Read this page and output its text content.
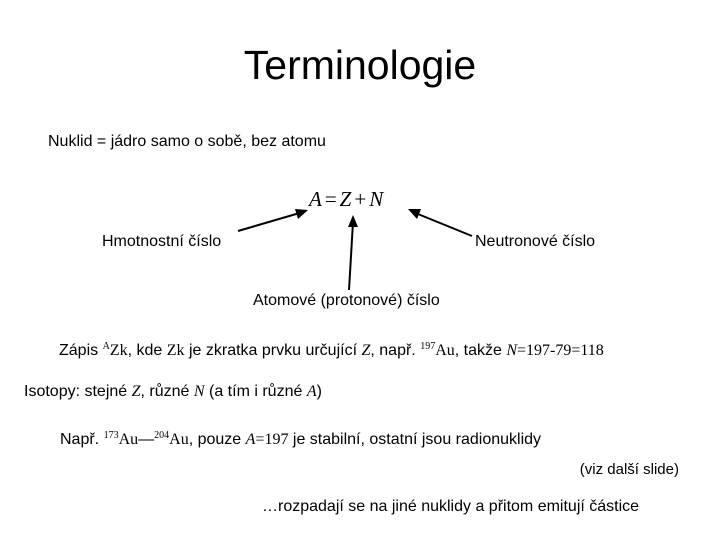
Terminologie
Nuklid = jádro samo o sobě, bez atomu
A = Z + N
Hmotnostní číslo	Neutronové číslo
Atomové (protonové) číslo
Zápis $^A$Zk, kde Zk je zkratka prvku určující Z, např. $^{197}$Au, takže N=197-79=118
Isotopy: stejné Z, různé N (a tím i různé A)
Např. $^{173}$Au—$^{204}$Au, pouze A=197 je stabilní, ostatní jsou radionuklidy
(viz další slide)
…rozpadají se na jiné nuklidy a přitom emitují částice
